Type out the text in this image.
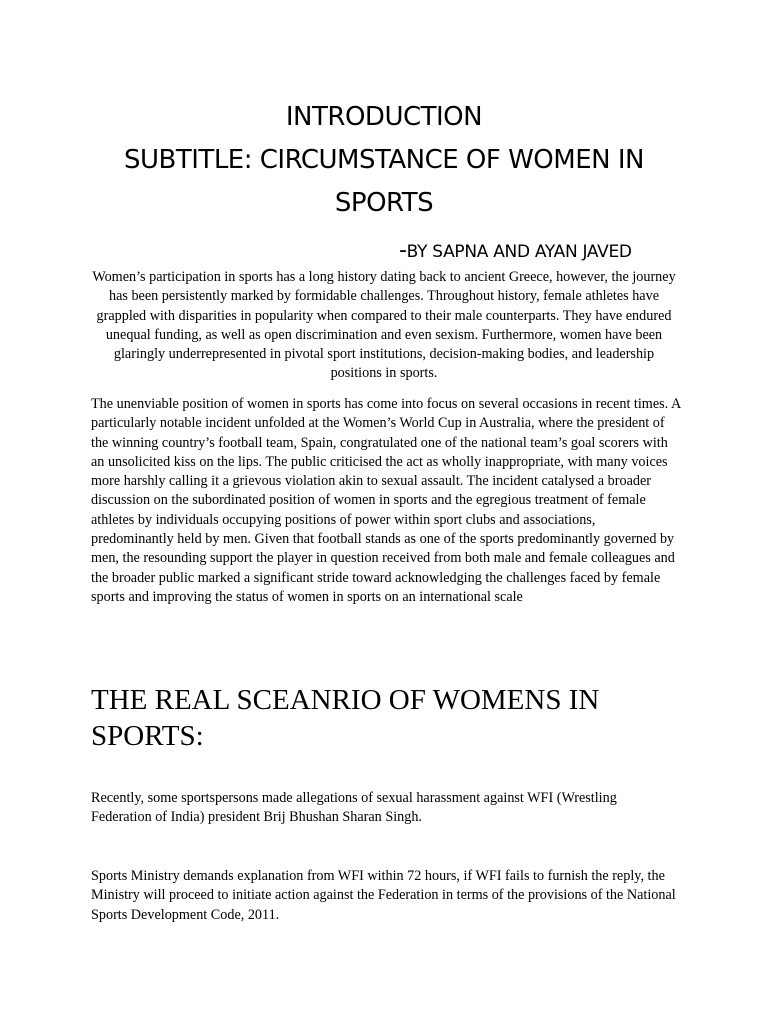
INTRODUCTION
SUBTITLE: CIRCUMSTANCE OF WOMEN IN
SPORTS
-BY SAPNA AND AYAN JAVED

Women’s participation in sports has a long history dating back to ancient Greece, however, the journey has been persistently marked by formidable challenges. Throughout history, female athletes have grappled with disparities in popularity when compared to their male counterparts. They have endured unequal funding, as well as open discrimination and even sexism. Furthermore, women have been glaringly underrepresented in pivotal sport institutions, decision-making bodies, and leadership positions in sports.

The unenviable position of women in sports has come into focus on several occasions in recent times. A particularly notable incident unfolded at the Women’s World Cup in Australia, where the president of the winning country’s football team, Spain, congratulated one of the national team’s goal scorers with an unsolicited kiss on the lips. The public criticised the act as wholly inappropriate, with many voices more harshly calling it a grievous violation akin to sexual assault. The incident catalysed a broader discussion on the subordinated position of women in sports and the egregious treatment of female athletes by individuals occupying positions of power within sport clubs and associations, predominantly held by men. Given that football stands as one of the sports predominantly governed by men, the resounding support the player in question received from both male and female colleagues and the broader public marked a significant stride toward acknowledging the challenges faced by female sports and improving the status of women in sports on an international scale

THE REAL SCEANRIO OF WOMENS IN SPORTS:

Recently, some sportspersons made allegations of sexual harassment against WFI (Wrestling Federation of India) president Brij Bhushan Sharan Singh.

Sports Ministry demands explanation from WFI within 72 hours, if WFI fails to furnish the reply, the Ministry will proceed to initiate action against the Federation in terms of the provisions of the National Sports Development Code, 2011.
